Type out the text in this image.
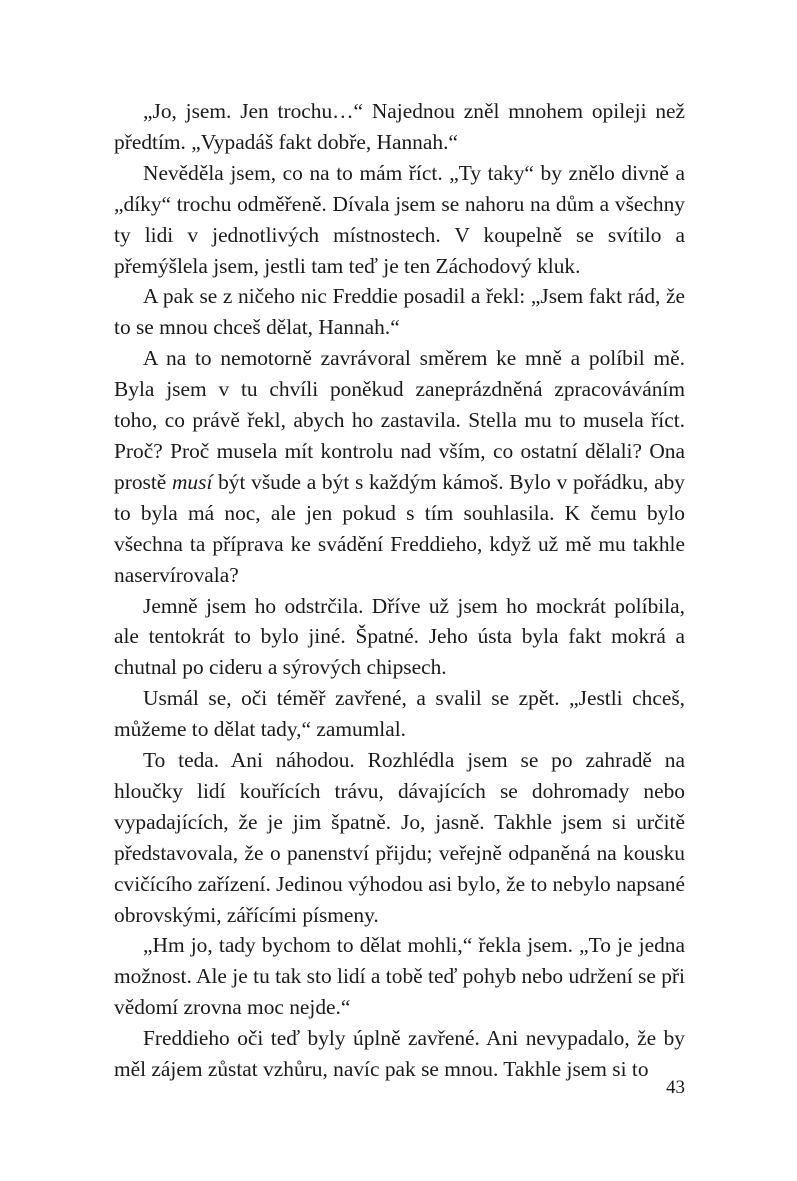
„Jo, jsem. Jen trochu…“ Najednou zněl mnohem opileji než předtím. „Vypadáš fakt dobře, Hannah.“

Nevěděla jsem, co na to mám říct. „Ty taky“ by znělo divně a „díky“ trochu odměřeně. Dívala jsem se nahoru na dům a všechny ty lidi v jednotlivých místnostech. V koupelně se svítilo a přemýšlela jsem, jestli tam teď je ten Záchodový kluk.

A pak se z ničeho nic Freddie posadil a řekl: „Jsem fakt rád, že to se mnou chceš dělat, Hannah.“

A na to nemotorně zavrávoral směrem ke mně a políbil mě. Byla jsem v tu chvíli poněkud zaneprázdněná zpracováváním toho, co právě řekl, abych ho zastavila. Stella mu to musela říct. Proč? Proč musela mít kontrolu nad vším, co ostatní dělali? Ona prostě musí být všude a být s každým kámoš. Bylo v pořádku, aby to byla má noc, ale jen pokud s tím souhlasila. K čemu bylo všechna ta příprava ke svádění Freddieho, když už mě mu takhle naservírovala?

Jemně jsem ho odstrčila. Dříve už jsem ho mockrát políbila, ale tentokrát to bylo jiné. Špatné. Jeho ústa byla fakt mokrá a chutnal po cideru a sýrových chipsech.

Usmál se, oči téměř zavřené, a svalil se zpět. „Jestli chceš, můžeme to dělat tady,“ zamumlal.

To teda. Ani náhodou. Rozhlédla jsem se po zahradě na hloučky lidí kouřících trávu, dávajících se dohromady nebo vypadajících, že je jim špatně. Jo, jasně. Takhle jsem si určitě představovala, že o panenství přijdu; veřejně odpaněná na kousku cvičícího zařízení. Jedinou výhodou asi bylo, že to nebylo napsané obrovskými, zářícími písmeny.

„Hm jo, tady bychom to dělat mohli,“ řekla jsem. „To je jedna možnost. Ale je tu tak sto lidí a tobě teď pohyb nebo udržení se při vědomí zrovna moc nejde.“

Freddieho oči teď byly úplně zavřené. Ani nevypadalo, že by měl zájem zůstat vzhůru, navíc pak se mnou. Takhle jsem si to

43
